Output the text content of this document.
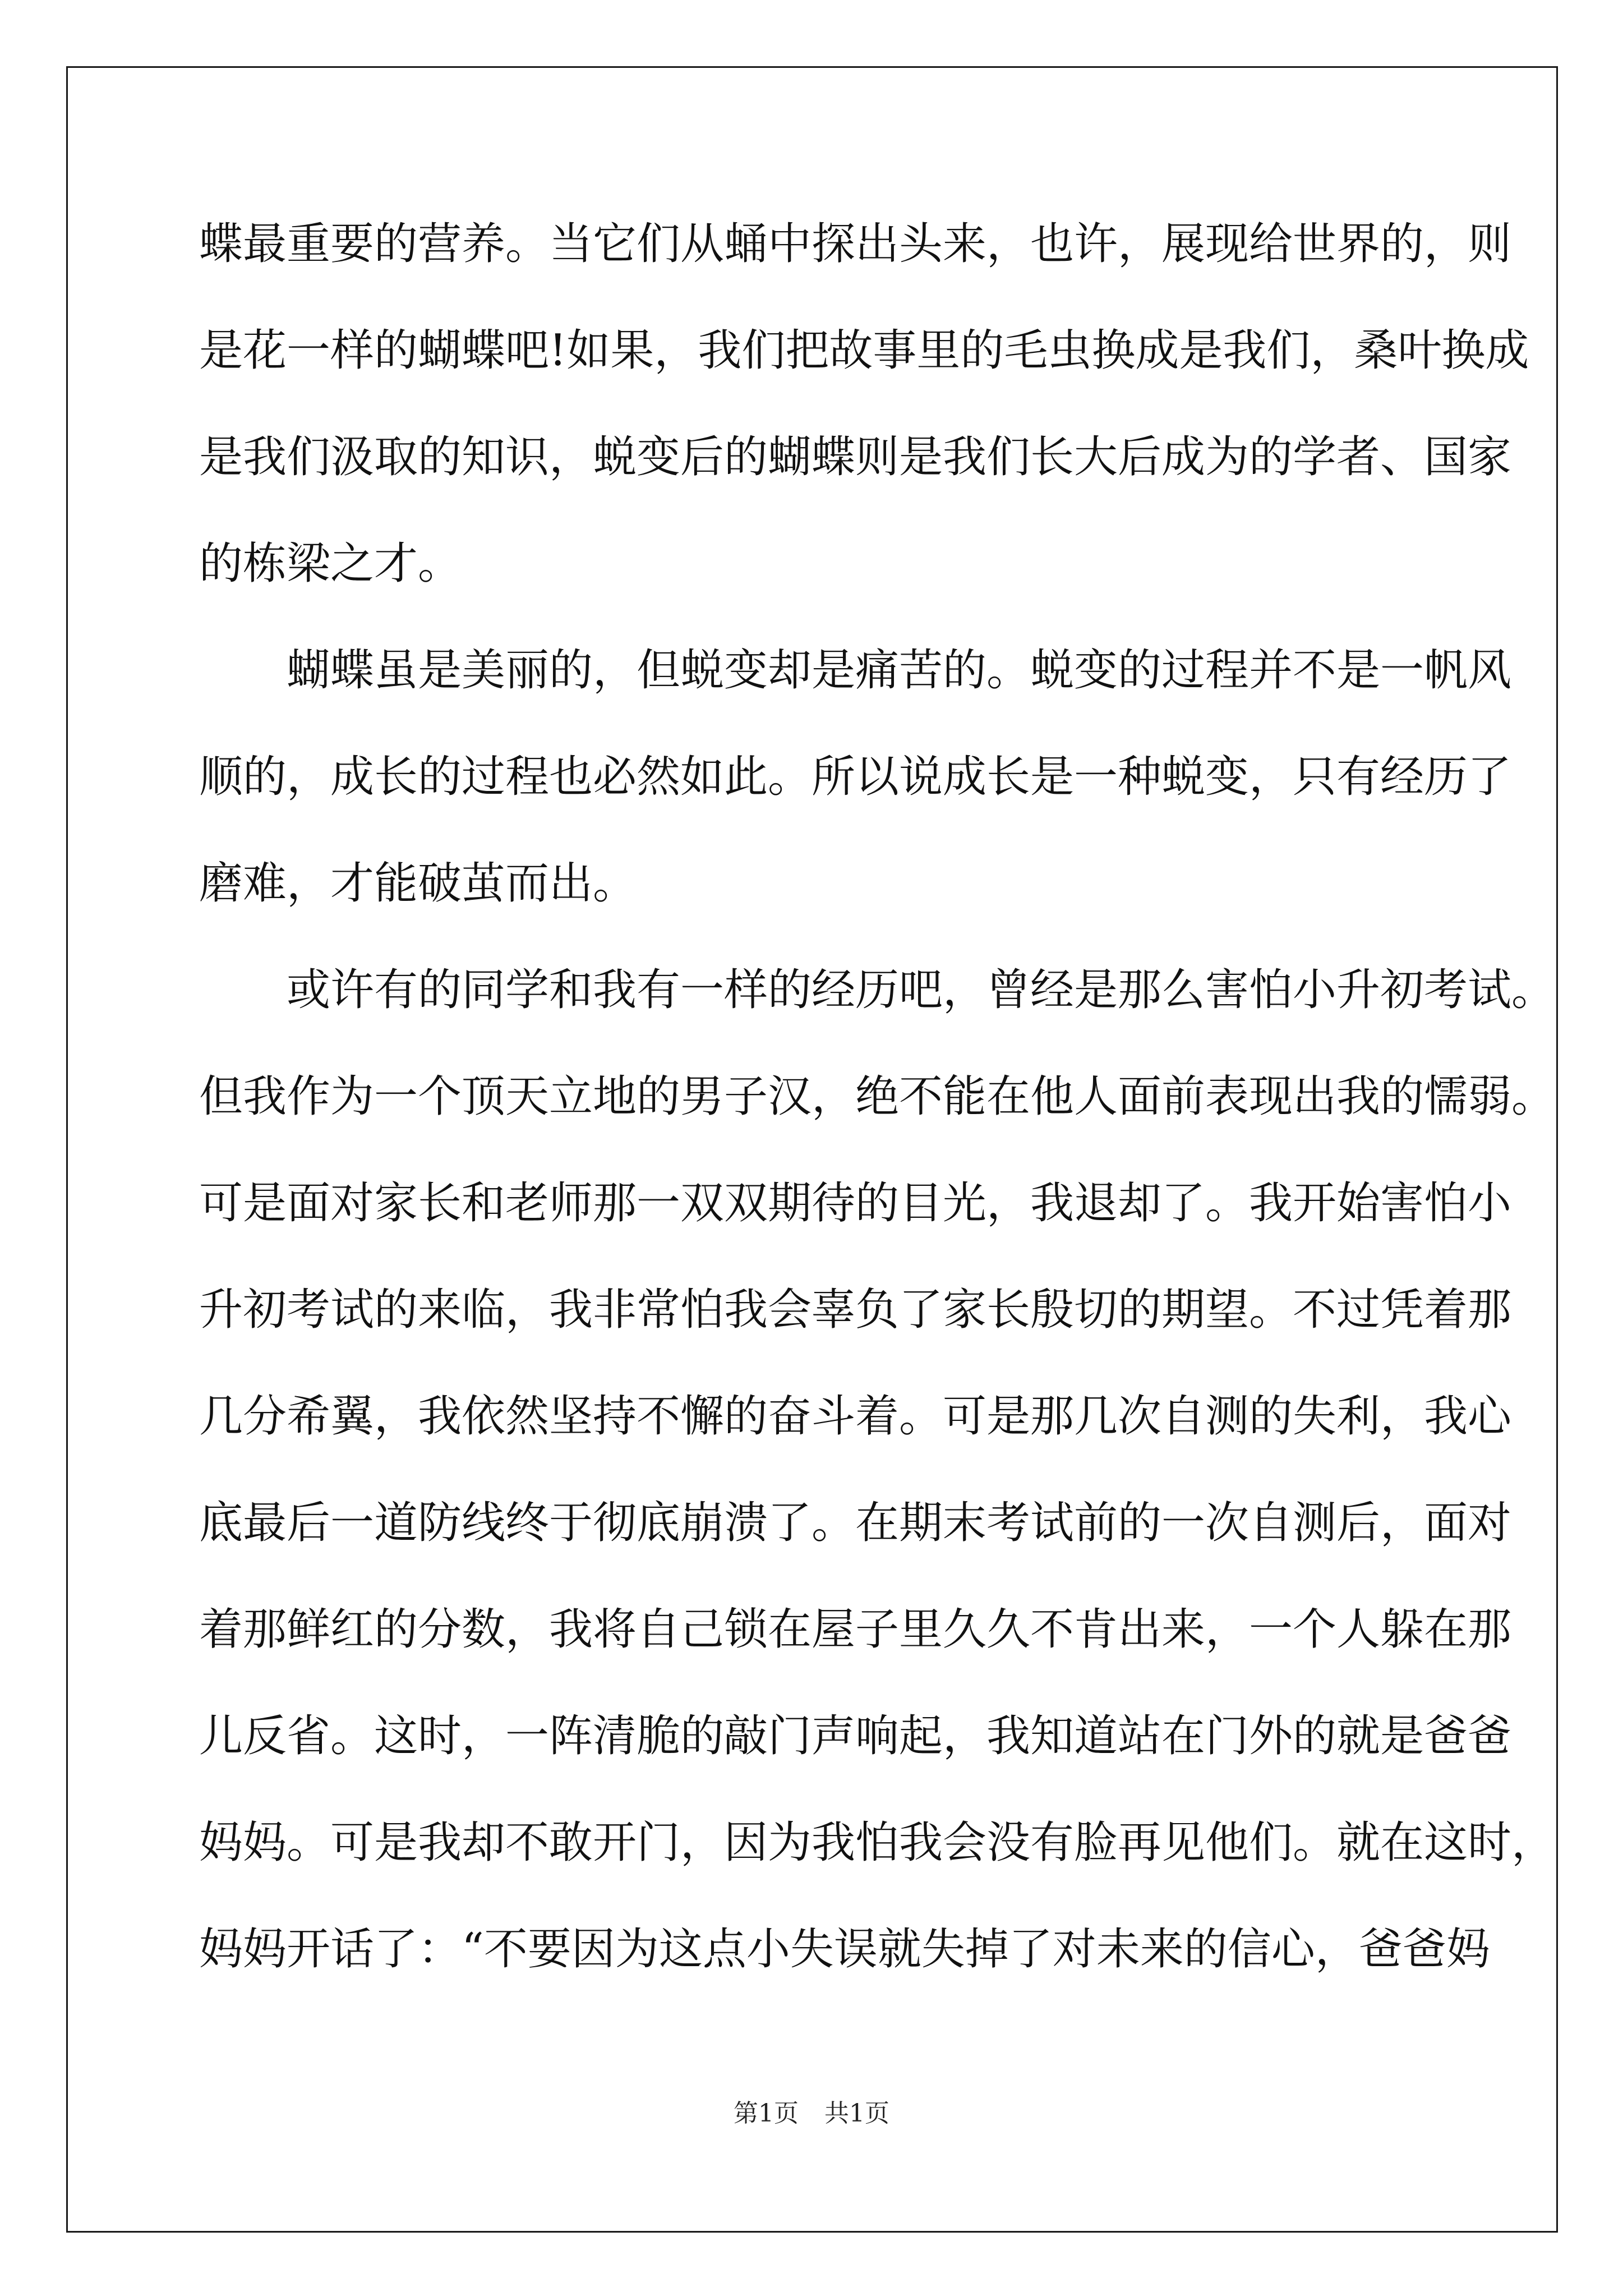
蝶最重要的营养。当它们从蛹中探出头来，也许，展现给世界的，则
是花一样的蝴蝶吧!如果，我们把故事里的毛虫换成是我们，桑叶换成
是我们汲取的知识，蜕变后的蝴蝶则是我们长大后成为的学者、国家
的栋梁之才。
　　蝴蝶虽是美丽的，但蜕变却是痛苦的。蜕变的过程并不是一帆风
顺的，成长的过程也必然如此。所以说成长是一种蜕变，只有经历了
磨难，才能破茧而出。
　　或许有的同学和我有一样的经历吧，曾经是那么害怕小升初考试。
但我作为一个顶天立地的男子汉，绝不能在他人面前表现出我的懦弱。
可是面对家长和老师那一双双期待的目光，我退却了。我开始害怕小
升初考试的来临，我非常怕我会辜负了家长殷切的期望。不过凭着那
几分希翼，我依然坚持不懈的奋斗着。可是那几次自测的失利，我心
底最后一道防线终于彻底崩溃了。在期末考试前的一次自测后，面对
着那鲜红的分数，我将自己锁在屋子里久久不肯出来，一个人躲在那
儿反省。这时，一阵清脆的敲门声响起，我知道站在门外的就是爸爸
妈妈。可是我却不敢开门，因为我怕我会没有脸再见他们。就在这时，
妈妈开话了：“不要因为这点小失误就失掉了对未来的信心，爸爸妈
第1页 共1页
